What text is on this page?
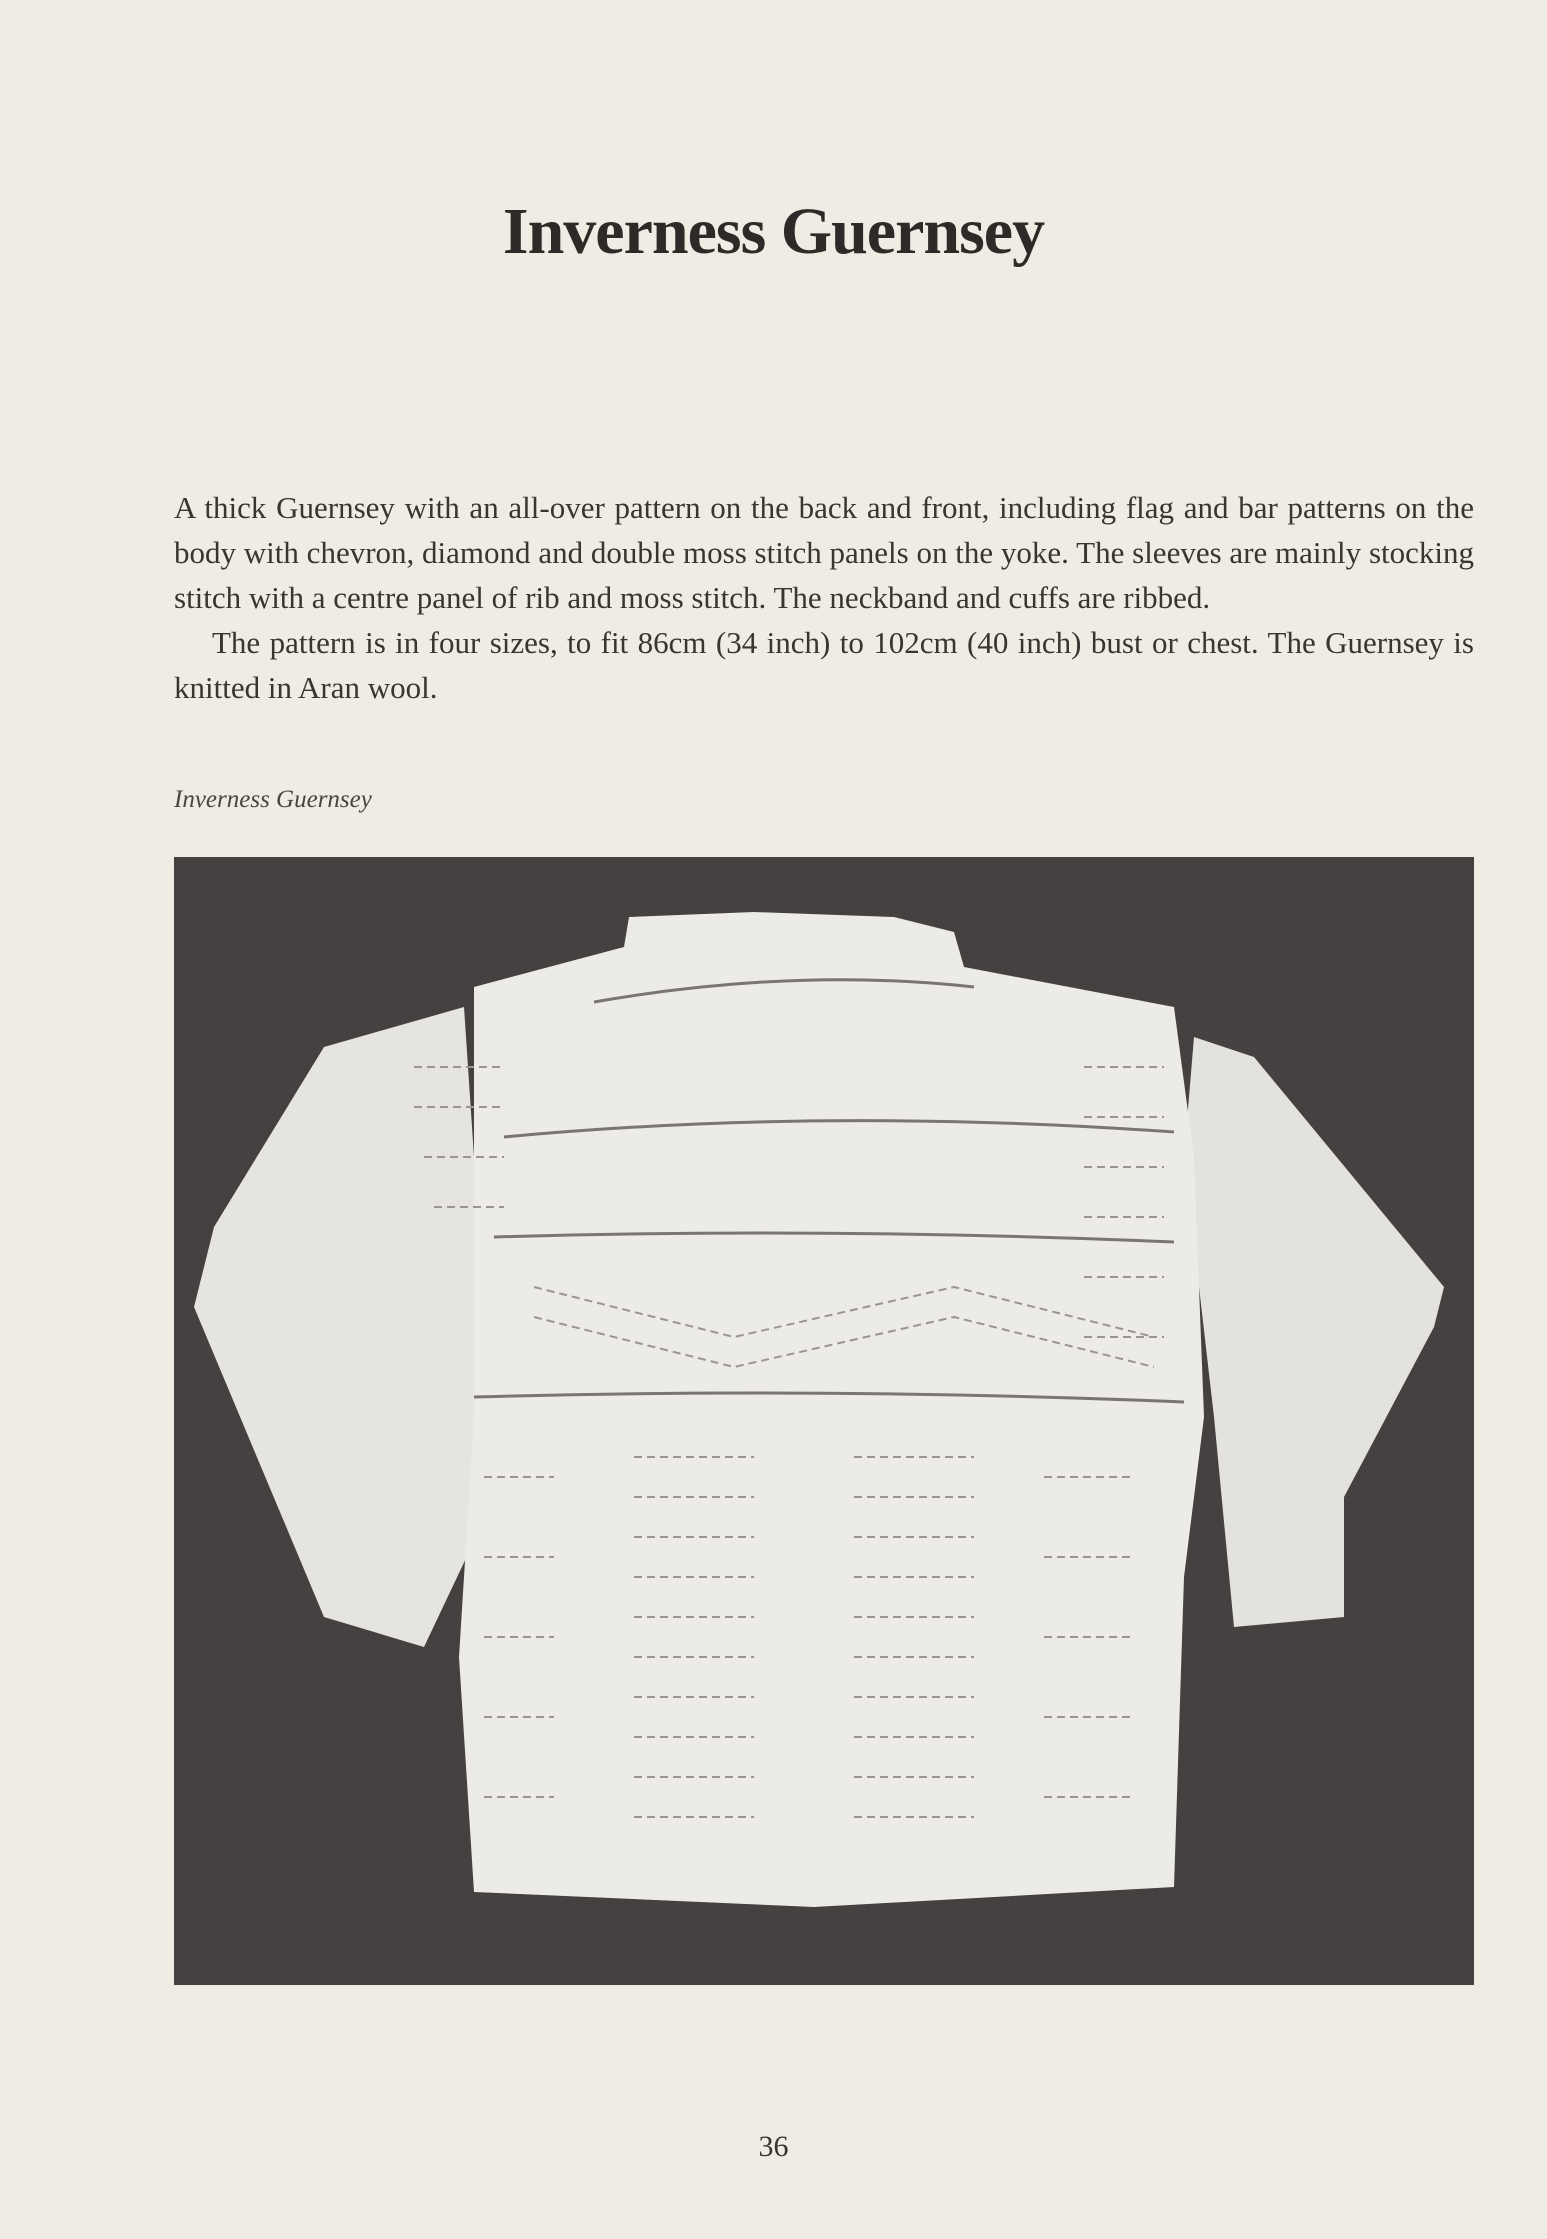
Inverness Guernsey

A thick Guernsey with an all-over pattern on the back and front, including flag and bar patterns on the body with chevron, diamond and double moss stitch panels on the yoke. The sleeves are mainly stocking stitch with a centre panel of rib and moss stitch. The neckband and cuffs are ribbed.

The pattern is in four sizes, to fit 86cm (34 inch) to 102cm (40 inch) bust or chest. The Guernsey is knitted in Aran wool.

Inverness Guernsey
36
